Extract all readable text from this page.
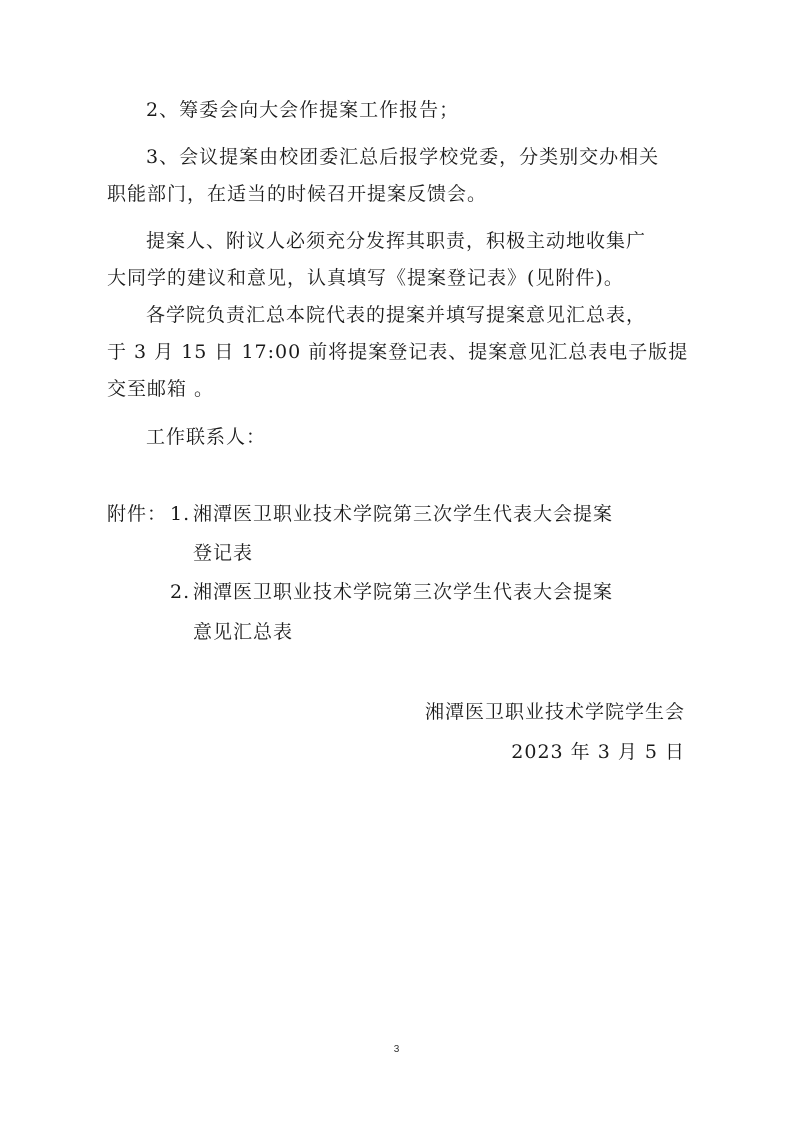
2、筹委会向大会作提案工作报告；
3、会议提案由校团委汇总后报学校党委，分类别交办相关
职能部门，在适当的时候召开提案反馈会。
提案人、附议人必须充分发挥其职责，积极主动地收集广
大同学的建议和意见，认真填写《提案登记表》(见附件)。
各学院负责汇总本院代表的提案并填写提案意见汇总表，
于 3 月 15 日 17:00 前将提案登记表、提案意见汇总表电子版提
交至邮箱 。
工作联系人：
附件： 1. 湘潭医卫职业技术学院第三次学生代表大会提案
登记表
2. 湘潭医卫职业技术学院第三次学生代表大会提案
意见汇总表
湘潭医卫职业技术学院学生会
2023 年 3 月 5 日
3
